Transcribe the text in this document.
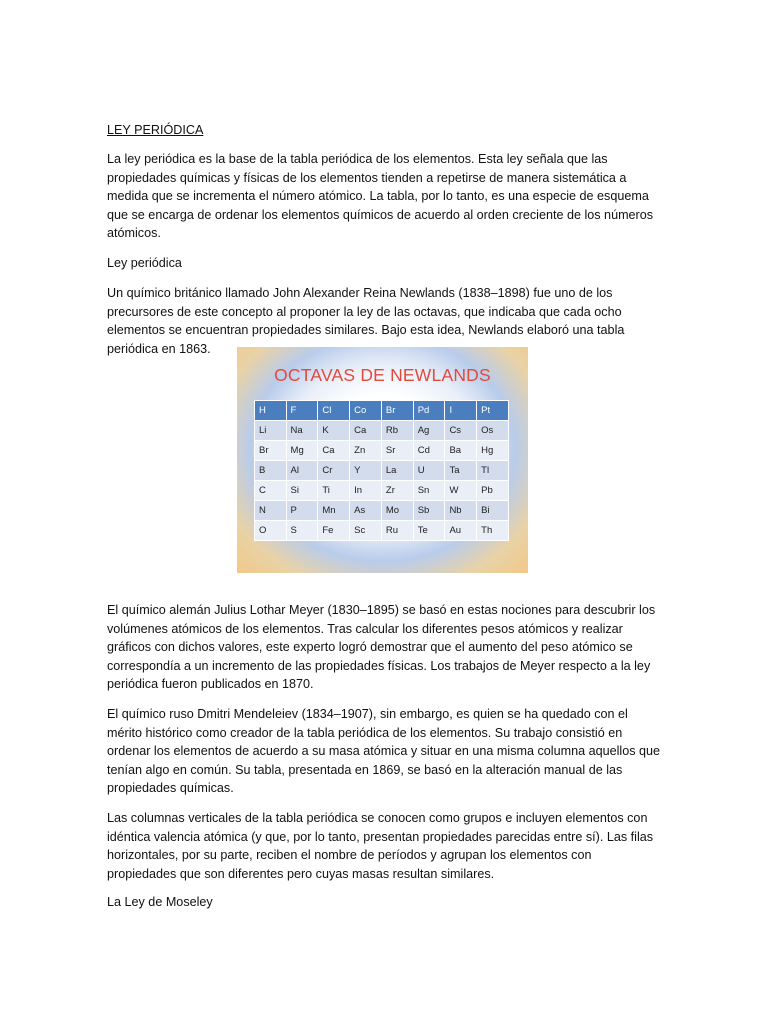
LEY PERIÓDICA
La ley periódica es la base de la tabla periódica de los elementos. Esta ley señala que las propiedades químicas y físicas de los elementos tienden a repetirse de manera sistemática a medida que se incrementa el número atómico. La tabla, por lo tanto, es una especie de esquema que se encarga de ordenar los elementos químicos de acuerdo al orden creciente de los números atómicos.
Ley periódica
Un químico británico llamado John Alexander Reina Newlands (1838–1898) fue uno de los precursores de este concepto al proponer la ley de las octavas, que indicaba que cada ocho elementos se encuentran propiedades similares. Bajo esta idea, Newlands elaboró una tabla periódica en 1863.
OCTAVAS DE NEWLANDS
H	F	Cl	Co	Br	Pd	I	Pt
Li	Na	K	Ca	Rb	Ag	Cs	Os
Br	Mg	Ca	Zn	Sr	Cd	Ba	Hg
B	Al	Cr	Y	La	U	Ta	Tl
C	Si	Ti	In	Zr	Sn	W	Pb
N	P	Mn	As	Mo	Sb	Nb	Bi
O	S	Fe	Sc	Ru	Te	Au	Th
El químico alemán Julius Lothar Meyer (1830–1895) se basó en estas nociones para descubrir los volúmenes atómicos de los elementos. Tras calcular los diferentes pesos atómicos y realizar gráficos con dichos valores, este experto logró demostrar que el aumento del peso atómico se correspondía a un incremento de las propiedades físicas. Los trabajos de Meyer respecto a la ley periódica fueron publicados en 1870.
El químico ruso Dmitri Mendeleiev (1834–1907), sin embargo, es quien se ha quedado con el mérito histórico como creador de la tabla periódica de los elementos. Su trabajo consistió en ordenar los elementos de acuerdo a su masa atómica y situar en una misma columna aquellos que tenían algo en común. Su tabla, presentada en 1869, se basó en la alteración manual de las propiedades químicas.
Las columnas verticales de la tabla periódica se conocen como grupos e incluyen elementos con idéntica valencia atómica (y que, por lo tanto, presentan propiedades parecidas entre sí). Las filas horizontales, por su parte, reciben el nombre de períodos y agrupan los elementos con propiedades que son diferentes pero cuyas masas resultan similares.
La Ley de Moseley
